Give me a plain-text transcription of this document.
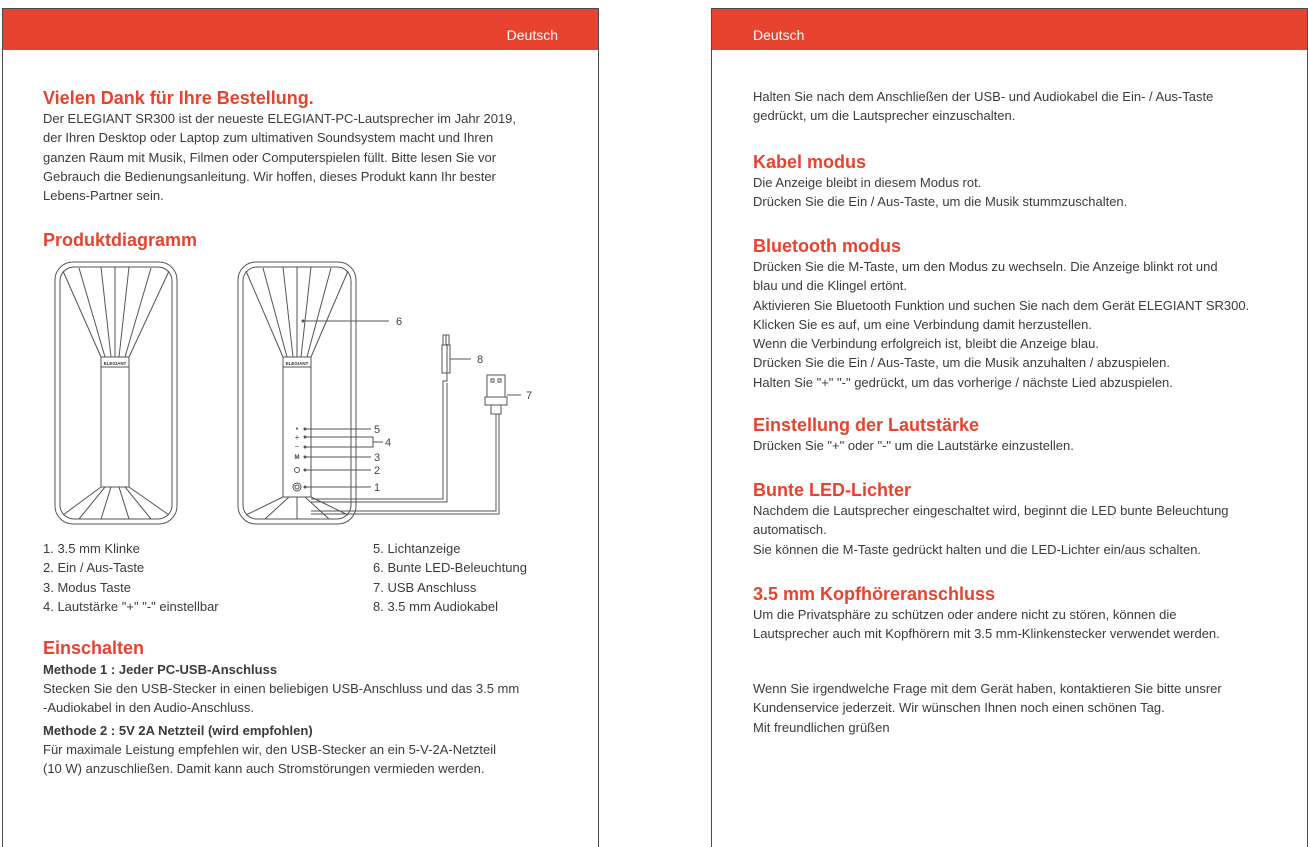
Deutsch
Vielen Dank für Ihre Bestellung.

Der ELEGIANT SR300 ist der neueste ELEGIANT-PC-Lautsprecher im Jahr 2019,

der Ihren Desktop oder Laptop zum ultimativen Soundsystem macht und Ihren

ganzen Raum mit Musik, Filmen oder Computerspielen füllt. Bitte lesen Sie vor

Gebrauch die Bedienungsanleitung. Wir hoffen, dieses Produkt kann Ihr bester

Lebens-Partner sein.

Produktdiagramm
ELEGIANT
•
+
−
M
ELEGIANT
6
8
7
5
4
3
2
1
1. 3.5 mm Klinke
2. Ein / Aus-Taste
3. Modus Taste
4. Lautstärke "+" "-" einstellbar
5. Lichtanzeige
6. Bunte LED-Beleuchtung
7. USB Anschluss
8. 3.5 mm Audiokabel
Einschalten
Methode 1 : Jeder PC-USB-Anschluss

Stecken Sie den USB-Stecker in einen beliebigen USB-Anschluss und das 3.5 mm

-Audiokabel in den Audio-Anschluss.

Methode 2 : 5V 2A Netzteil (wird empfohlen)

Für maximale Leistung empfehlen wir, den USB-Stecker an ein 5-V-2A-Netzteil

(10 W) anzuschließen. Damit kann auch Stromstörungen vermieden werden.

Deutsch

Halten Sie nach dem Anschließen der USB- und Audiokabel die Ein- / Aus-Taste

gedrückt, um die Lautsprecher einzuschalten.

Kabel modus

Die Anzeige bleibt in diesem Modus rot.

Drücken Sie die Ein / Aus-Taste, um die Musik stummzuschalten.

Bluetooth modus

Drücken Sie die M-Taste, um den Modus zu wechseln. Die Anzeige blinkt rot und

blau und die Klingel ertönt.

Aktivieren Sie Bluetooth Funktion und suchen Sie nach dem Gerät ELEGIANT SR300.

Klicken Sie es auf, um eine Verbindung damit herzustellen.

Wenn die Verbindung erfolgreich ist, bleibt die Anzeige blau.

Drücken Sie die Ein / Aus-Taste, um die Musik anzuhalten / abzuspielen.

Halten Sie "+" "-" gedrückt, um das vorherige / nächste Lied abzuspielen.

Einstellung der Lautstärke

Drücken Sie "+" oder "-" um die Lautstärke einzustellen.

Bunte LED-Lichter

Nachdem die Lautsprecher eingeschaltet wird, beginnt die LED bunte Beleuchtung

automatisch.

Sie können die M-Taste gedrückt halten und die LED-Lichter ein/aus schalten.

3.5 mm Kopfhöreranschluss

Um die Privatsphäre zu schützen oder andere nicht zu stören, können die

Lautsprecher auch mit Kopfhörern mit 3.5 mm-Klinkenstecker verwendet werden.

Wenn Sie irgendwelche Frage mit dem Gerät haben, kontaktieren Sie bitte unsrer

Kundenservice jederzeit. Wir wünschen Ihnen noch einen schönen Tag.

Mit freundlichen grüßen
